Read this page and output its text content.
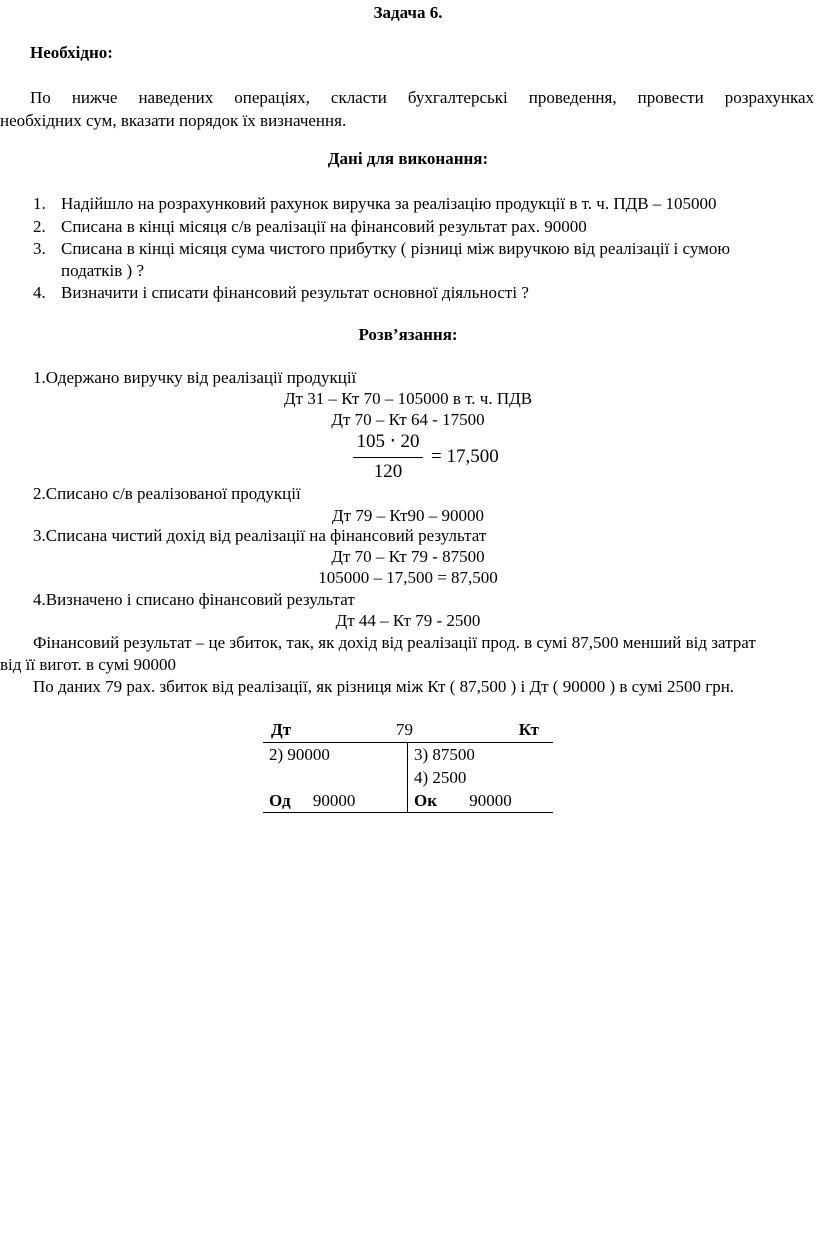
Задача 6.
Необхідно:
По нижче наведених операціях, скласти бухгалтерські проведення, провести розрахунках
необхідних сум, вказати порядок їх визначення.
Дані для виконання:
1. Надійшло на розрахунковий рахунок виручка за реалізацію продукції в т. ч. ПДВ – 105000
2. Списана в кінці місяця с/в реалізації на фінансовий результат рах. 90000
3. Списана в кінці місяця сума чистого прибутку ( різниці між виручкою від реалізації і сумою
податків ) ?
4. Визначити і списати фінансовий результат основної діяльності ?
Розв’язання:
1.Одержано виручку від реалізації продукції
Дт 31 – Кт 70 – 105000 в т. ч. ПДВ
Дт 70 – Кт 64 - 17500
105 ⋅ 20
120
= 17,500
2.Списано с/в реалізованої продукції
Дт 79 – Кт90 – 90000
3.Списана чистий дохід від реалізації на фінансовий результат
Дт 70 – Кт 79 - 87500
105000 – 17,500 = 87,500
4.Визначено і списано фінансовий результат
Дт 44 – Кт 79 - 2500
Фінансовий результат – це збиток, так, як дохід від реалізації прод. в сумі 87,500 менший від затрат
від її вигот. в сумі 90000
По даних 79 рах. збиток від реалізації, як різниця між Кт ( 87,500 ) і Дт ( 90000 ) в сумі 2500 грн.
Дт 79 Кт	

2) 90000	3) 87500
	4) 2500
Од 90000	Ок 90000
